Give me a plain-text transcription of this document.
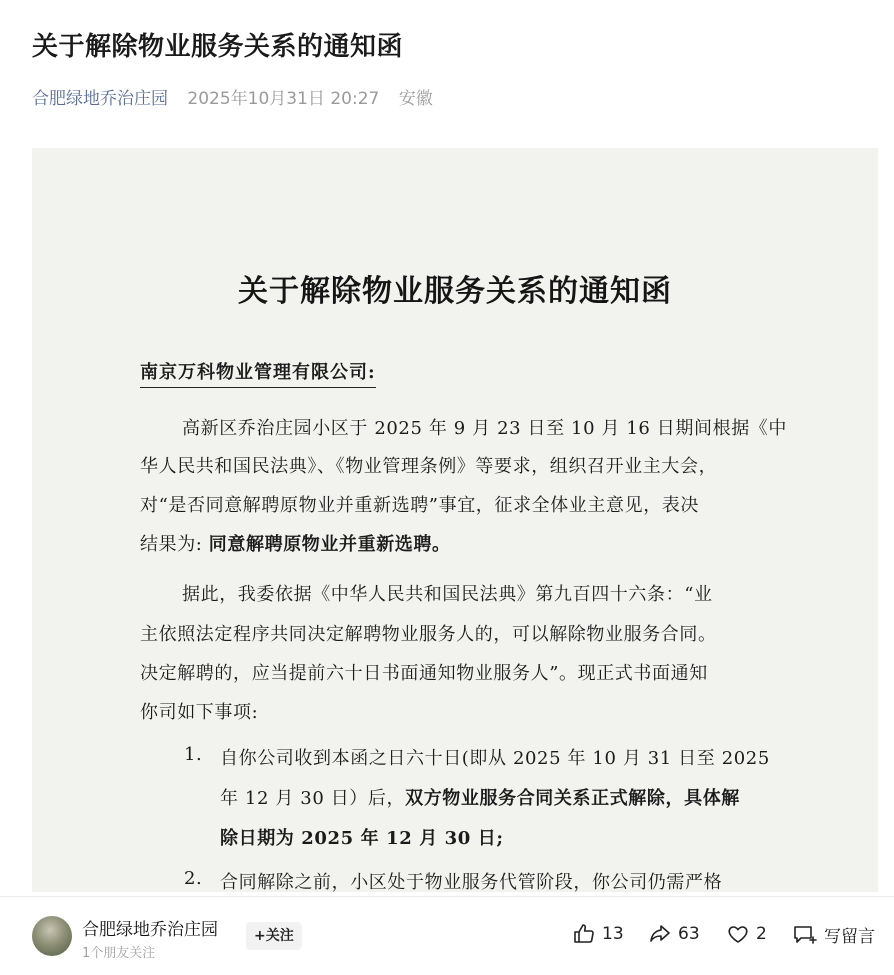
关于解除物业服务关系的通知函
合肥绿地乔治庄园 2025年10月31日 20:27 安徽
关于解除物业服务关系的通知函
南京万科物业管理有限公司:
高新区乔治庄园小区于 2025 年 9 月 23 日至 10 月 16 日期间根据《中
华人民共和国民法典》、《物业管理条例》等要求，组织召开业主大会，
对“是否同意解聘原物业并重新选聘”事宜，征求全体业主意见，表决
结果为: 同意解聘原物业并重新选聘。
据此，我委依据《中华人民共和国民法典》第九百四十六条：“业
主依照法定程序共同决定解聘物业服务人的，可以解除物业服务合同。
决定解聘的，应当提前六十日书面通知物业服务人”。现正式书面通知
你司如下事项:
1. 自你公司收到本函之日六十日(即从 2025 年 10 月 31 日至 2025
年 12 月 30 日）后，双方物业服务合同关系正式解除，具体解
除日期为 2025 年 12 月 30 日;
2. 合同解除之前，小区处于物业服务代管阶段，你公司仍需严格
合肥绿地乔治庄园
1个朋友关注
+关注	13	63	2	写留言
